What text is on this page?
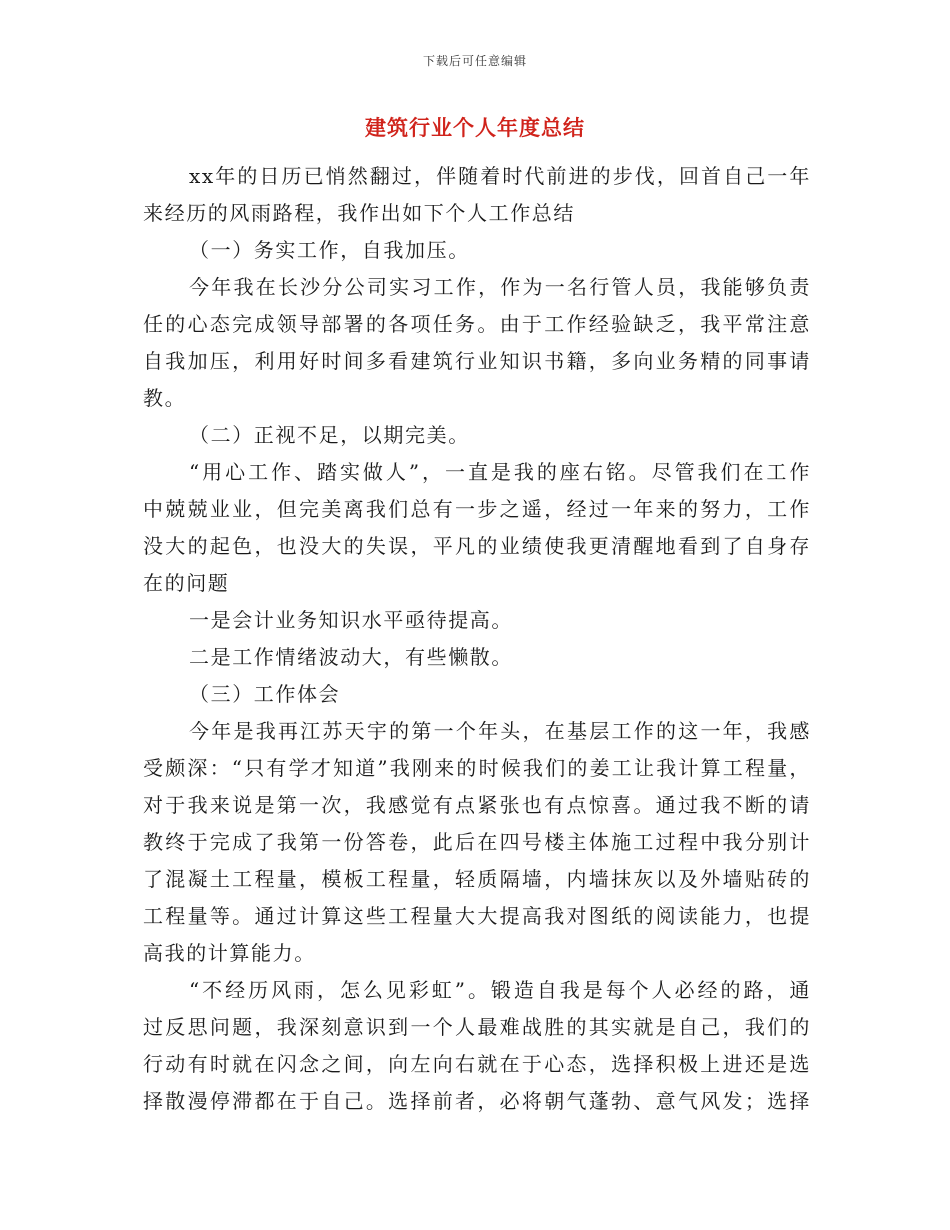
下载后可任意编辑
建筑行业个人年度总结
xx年的日历已悄然翻过，伴随着时代前进的步伐，回首自己一年
来经历的风雨路程，我作出如下个人工作总结
（一）务实工作，自我加压。
今年我在长沙分公司实习工作，作为一名行管人员，我能够负责
任的心态完成领导部署的各项任务。由于工作经验缺乏，我平常注意
自我加压，利用好时间多看建筑行业知识书籍，多向业务精的同事请
教。
（二）正视不足，以期完美。
“用心工作、踏实做人”，一直是我的座右铭。尽管我们在工作
中兢兢业业，但完美离我们总有一步之遥，经过一年来的努力，工作
没大的起色，也没大的失误，平凡的业绩使我更清醒地看到了自身存
在的问题
一是会计业务知识水平亟待提高。
二是工作情绪波动大，有些懒散。
（三）工作体会
今年是我再江苏天宇的第一个年头，在基层工作的这一年，我感
受颇深：“只有学才知道”我刚来的时候我们的姜工让我计算工程量，
对于我来说是第一次，我感觉有点紧张也有点惊喜。通过我不断的请
教终于完成了我第一份答卷，此后在四号楼主体施工过程中我分别计
了混凝土工程量，模板工程量，轻质隔墙，内墙抹灰以及外墙贴砖的
工程量等。通过计算这些工程量大大提高我对图纸的阅读能力，也提
高我的计算能力。
“不经历风雨，怎么见彩虹”。锻造自我是每个人必经的路，通
过反思问题，我深刻意识到一个人最难战胜的其实就是自己，我们的
行动有时就在闪念之间，向左向右就在于心态，选择积极上进还是选
择散漫停滞都在于自己。选择前者，必将朝气蓬勃、意气风发；选择
